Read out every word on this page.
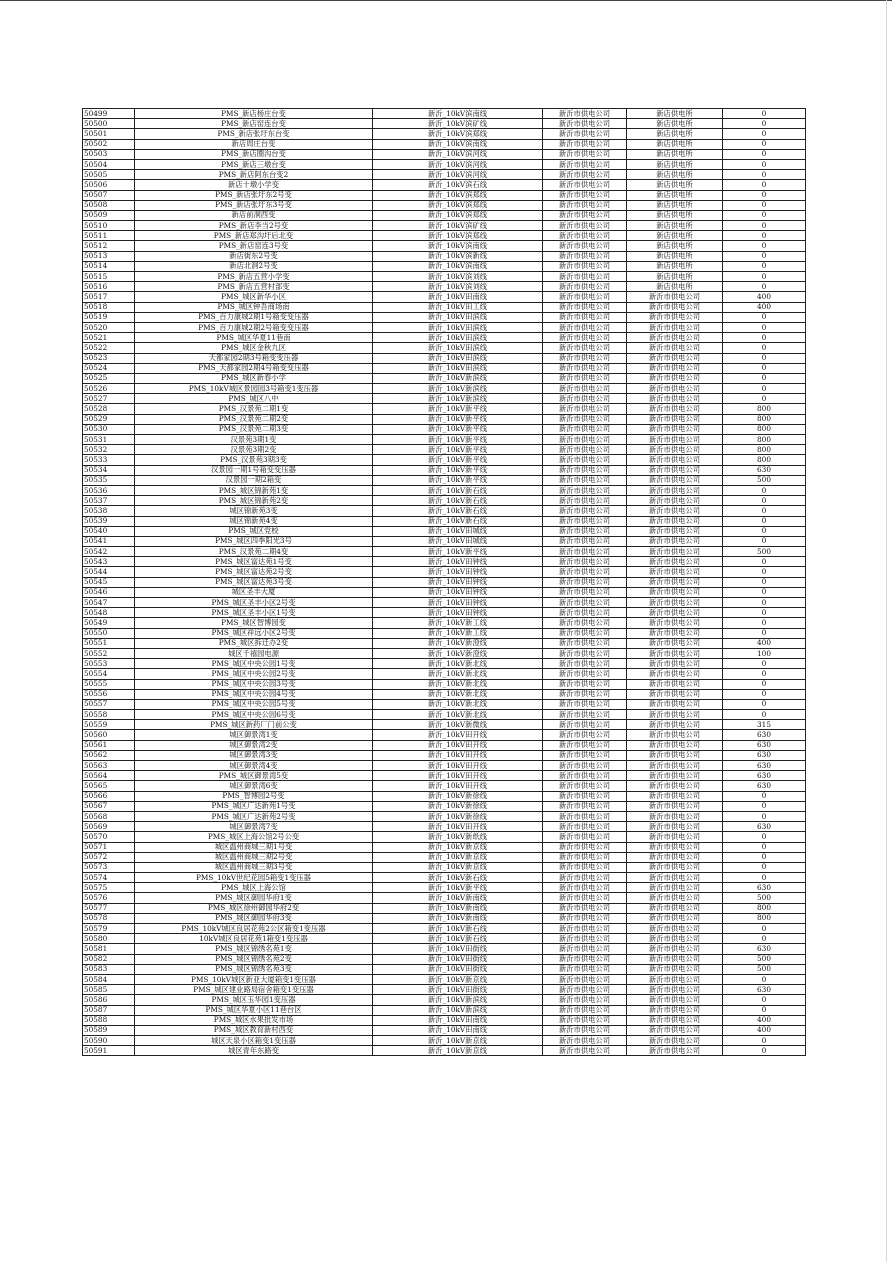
50499	PMS_新店杨庄台变	新沂_10kV滨南线	新沂市供电公司	新店供电所	0
50500	PMS_新店窑连台变	新沂_10kV滨矿线	新沂市供电公司	新店供电所	0
50501	PMS_新店张圩东台变	新沂_10kV滨郑线	新沂市供电公司	新店供电所	0
50502	新店周庄台变	新沂_10kV滨南线	新沂市供电公司	新店供电所	0
50503	PMS_新店圈沟台变	新沂_10kV滨河线	新沂市供电公司	新店供电所	0
50504	PMS_新店三墩台变	新沂_10kV滨河线	新沂市供电公司	新店供电所	0
50505	PMS_新店阿东台变2	新沂_10kV滨河线	新沂市供电公司	新店供电所	0
50506	新店十墩小学变	新沂_10kV滨石线	新沂市供电公司	新店供电所	0
50507	PMS_新店张圩东2号变	新沂_10kV滨郑线	新沂市供电公司	新店供电所	0
50508	PMS_新店张圩东3号变	新沂_10kV滨郑线	新沂市供电公司	新店供电所	0
50509	新店前洞西变	新沂_10kV滨郑线	新沂市供电公司	新店供电所	0
50510	PMS_新店李当2号变	新沂_10kV滨矿线	新沂市供电公司	新店供电所	0
50511	PMS_新店郑沟圩后北变	新沂_10kV滨郑线	新沂市供电公司	新店供电所	0
50512	PMS_新店窑连3号变	新沂_10kV滨南线	新沂市供电公司	新店供电所	0
50513	新店街东2号变	新沂_10kV滨新线	新沂市供电公司	新店供电所	0
50514	新店北洞2号变	新沂_10kV滨南线	新沂市供电公司	新店供电所	0
50515	PMS_新店五营小学变	新沂_10kV滨刘线	新沂市供电公司	新店供电所	0
50516	PMS_新店五营村部变	新沂_10kV滨刘线	新沂市供电公司	新店供电所	0
50517	PMS_城区新华小区	新沂_10kV田南线	新沂市供电公司	新沂市供电公司	400
50518	PMS_城区钟吾商场南	新沂_10kV田工线	新沂市供电公司	新沂市供电公司	400
50519	PMS_百力康城2期1号箱变变压器	新沂_10kV田滨线	新沂市供电公司	新沂市供电公司	0
50520	PMS_百力康城2期2号箱变变压器	新沂_10kV田滨线	新沂市供电公司	新沂市供电公司	0
50521	PMS_城区华夏11巷南	新沂_10kV田滨线	新沂市供电公司	新沂市供电公司	0
50522	PMS_城区金秋九区	新沂_10kV田滨线	新沂市供电公司	新沂市供电公司	0
50523	天都家园2期3号箱变变压器	新沂_10kV田滨线	新沂市供电公司	新沂市供电公司	0
50524	PMS_天都家园2期4号箱变变压器	新沂_10kV田滨线	新沂市供电公司	新沂市供电公司	0
50525	PMS_城区新春小学	新沂_10kV新滨线	新沂市供电公司	新沂市供电公司	0
50526	PMS_10kV城区景园园3号箱变1变压器	新沂_10kV新滨线	新沂市供电公司	新沂市供电公司	0
50527	PMS_城区八中	新沂_10kV新滨线	新沂市供电公司	新沂市供电公司	0
50528	PMS_汉景苑二期1变	新沂_10kV新平线	新沂市供电公司	新沂市供电公司	800
50529	PMS_汉景苑二期2变	新沂_10kV新平线	新沂市供电公司	新沂市供电公司	800
50530	PMS_汉景苑二期3变	新沂_10kV新平线	新沂市供电公司	新沂市供电公司	800
50531	汉景苑3期1变	新沂_10kV新平线	新沂市供电公司	新沂市供电公司	800
50532	汉景苑3期2变	新沂_10kV新平线	新沂市供电公司	新沂市供电公司	800
50533	PMS_汉景苑3期3变	新沂_10kV新平线	新沂市供电公司	新沂市供电公司	800
50534	汉景园一期1号箱变变压器	新沂_10kV新平线	新沂市供电公司	新沂市供电公司	630
50535	汉景园一期2箱变	新沂_10kV新平线	新沂市供电公司	新沂市供电公司	500
50536	PMS_城区锦新苑1变	新沂_10kV新石线	新沂市供电公司	新沂市供电公司	0
50537	PMS_城区锦新苑2变	新沂_10kV新石线	新沂市供电公司	新沂市供电公司	0
50538	城区锦新苑3变	新沂_10kV新石线	新沂市供电公司	新沂市供电公司	0
50539	城区锦新苑4变	新沂_10kV新石线	新沂市供电公司	新沂市供电公司	0
50540	PMS_城区党校	新沂_10kV田城线	新沂市供电公司	新沂市供电公司	0
50541	PMS_城区四季阳光3号	新沂_10kV田城线	新沂市供电公司	新沂市供电公司	0
50542	PMS_汉景苑二期4变	新沂_10kV新平线	新沂市供电公司	新沂市供电公司	500
50543	PMS_城区富达苑1号变	新沂_10kV田钟线	新沂市供电公司	新沂市供电公司	0
50544	PMS_城区富达苑2号变	新沂_10kV田钟线	新沂市供电公司	新沂市供电公司	0
50545	PMS_城区富达苑3号变	新沂_10kV田钟线	新沂市供电公司	新沂市供电公司	0
50546	城区圣丰大厦	新沂_10kV田钟线	新沂市供电公司	新沂市供电公司	0
50547	PMS_城区圣丰小区2号变	新沂_10kV田钟线	新沂市供电公司	新沂市供电公司	0
50548	PMS_城区圣丰小区1号变	新沂_10kV田钟线	新沂市供电公司	新沂市供电公司	0
50549	PMS_城区智博园变	新沂_10kV新工线	新沂市供电公司	新沂市供电公司	0
50550	PMS_城区祥远小区2号变	新沂_10kV新工线	新沂市供电公司	新沂市供电公司	0
50551	PMS_城区拆迁办2变	新沂_10kV新澄线	新沂市供电公司	新沂市供电公司	400
50552	城区千禧园电源	新沂_10kV新澄线	新沂市供电公司	新沂市供电公司	100
50553	PMS_城区中央公园1号变	新沂_10kV新北线	新沂市供电公司	新沂市供电公司	0
50554	PMS_城区中央公园2号变	新沂_10kV新北线	新沂市供电公司	新沂市供电公司	0
50555	PMS_城区中央公园3号变	新沂_10kV新北线	新沂市供电公司	新沂市供电公司	0
50556	PMS_城区中央公园4号变	新沂_10kV新北线	新沂市供电公司	新沂市供电公司	0
50557	PMS_城区中央公园5号变	新沂_10kV新北线	新沂市供电公司	新沂市供电公司	0
50558	PMS_城区中央公园6号变	新沂_10kV新北线	新沂市供电公司	新沂市供电公司	0
50559	PMS_城区新药厂门前公变	新沂_10kV新微线	新沂市供电公司	新沂市供电公司	315
50560	城区御景湾1变	新沂_10kV田开线	新沂市供电公司	新沂市供电公司	630
50561	城区御景湾2变	新沂_10kV田开线	新沂市供电公司	新沂市供电公司	630
50562	城区御景湾3变	新沂_10kV田开线	新沂市供电公司	新沂市供电公司	630
50563	城区御景湾4变	新沂_10kV田开线	新沂市供电公司	新沂市供电公司	630
50564	PMS_城区御景湾5变	新沂_10kV田开线	新沂市供电公司	新沂市供电公司	630
50565	城区御景湾6变	新沂_10kV田开线	新沂市供电公司	新沂市供电公司	630
50566	PMS_智博园2号变	新沂_10kV新徐线	新沂市供电公司	新沂市供电公司	0
50567	PMS_城区广达新苑1号变	新沂_10kV新徐线	新沂市供电公司	新沂市供电公司	0
50568	PMS_城区广达新苑2号变	新沂_10kV新徐线	新沂市供电公司	新沂市供电公司	0
50569	城区御景湾7变	新沂_10kV田开线	新沂市供电公司	新沂市供电公司	630
50570	PMS_城区上海公馆2号公变	新沂_10kV新纸线	新沂市供电公司	新沂市供电公司	0
50571	城区温州商城三期1号变	新沂_10kV新京线	新沂市供电公司	新沂市供电公司	0
50572	城区温州商城三期2号变	新沂_10kV新京线	新沂市供电公司	新沂市供电公司	0
50573	城区温州商城三期3号变	新沂_10kV新京线	新沂市供电公司	新沂市供电公司	0
50574	PMS_10kV世纪花园5箱变1变压器	新沂_10kV新石线	新沂市供电公司	新沂市供电公司	0
50575	PMS_城区上海公馆	新沂_10kV新平线	新沂市供电公司	新沂市供电公司	630
50576	PMS_城区御园华府1变	新沂_10kV新南线	新沂市供电公司	新沂市供电公司	500
50577	PMS_城区徐州御园华府2变	新沂_10kV新南线	新沂市供电公司	新沂市供电公司	800
50578	PMS_城区御园华府3变	新沂_10kV新南线	新沂市供电公司	新沂市供电公司	800
50579	PMS_10kV城区良居花苑2公区箱变1变压器	新沂_10kV新石线	新沂市供电公司	新沂市供电公司	0
50580	10kV城区良居花苑1箱变1变压器	新沂_10kV新石线	新沂市供电公司	新沂市供电公司	0
50581	PMS_城区锦绣名苑1变	新沂_10kV田街线	新沂市供电公司	新沂市供电公司	630
50582	PMS_城区锦绣名苑2变	新沂_10kV田街线	新沂市供电公司	新沂市供电公司	500
50583	PMS_城区锦绣名苑3变	新沂_10kV田街线	新沂市供电公司	新沂市供电公司	500
50584	PMS_10kV城区新亚大厦箱变1变压器	新沂_10kV新京线	新沂市供电公司	新沂市供电公司	0
50585	PMS_城区建业路局宿舍箱变1变压器	新沂_10kV田街线	新沂市供电公司	新沂市供电公司	630
50586	PMS_城区玉华园1变压器	新沂_10kV新滨线	新沂市供电公司	新沂市供电公司	0
50587	PMS_城区华夏小区11巷台区	新沂_10kV新滨线	新沂市供电公司	新沂市供电公司	0
50588	PMS_城区水果批发市场	新沂_10kV田南线	新沂市供电公司	新沂市供电公司	400
50589	PMS_城区教育新村西变	新沂_10kV田南线	新沂市供电公司	新沂市供电公司	400
50590	城区天泉小区箱变1变压器	新沂_10kV新京线	新沂市供电公司	新沂市供电公司	0
50591	城区青年东路变	新沂_10kV新京线	新沂市供电公司	新沂市供电公司	0
